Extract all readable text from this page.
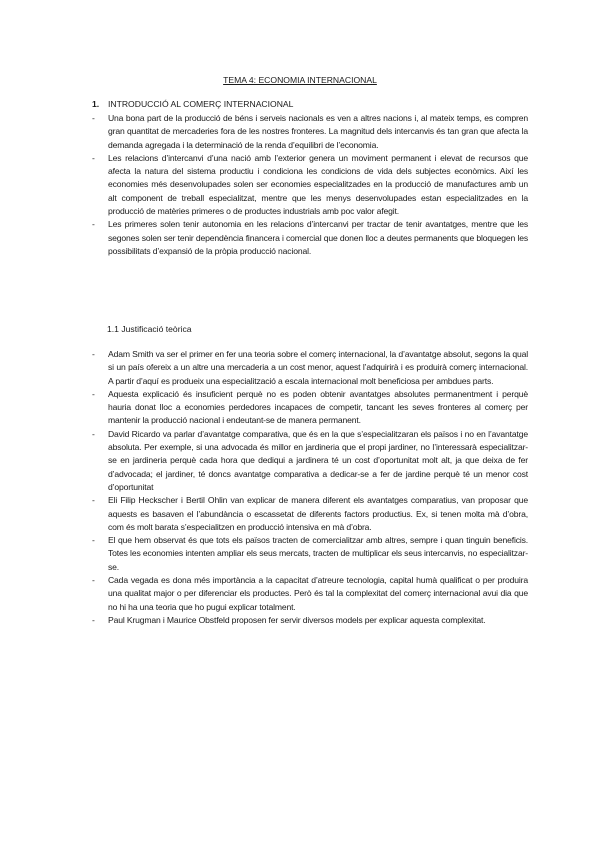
TEMA 4: ECONOMIA INTERNACIONAL
1. INTRODUCCIÓ AL COMERÇ INTERNACIONAL
- Una bona part de la producció de béns i serveis nacionals es ven a altres nacions i, al mateix temps, es compren gran quantitat de mercaderies fora de les nostres fronteres. La magnitud dels intercanvis és tan gran que afecta la demanda agregada i la determinació de la renda d’equilibri de l’economia.
- Les relacions d’intercanvi d’una nació amb l’exterior genera un moviment permanent i elevat de recursos que afecta la natura del sistema productiu i condiciona les condicions de vida dels subjectes econòmics. Així les economies més desenvolupades solen ser economies especialitzades en la producció de manufactures amb un alt component de treball especialitzat, mentre que les menys desenvolupades estan especialitzades en la producció de matèries primeres o de productes industrials amb poc valor afegit.
- Les primeres solen tenir autonomia en les relacions d’intercanvi per tractar de tenir avantatges, mentre que les segones solen ser tenir dependència financera i comercial que donen lloc a deutes permanents que bloquegen les possibilitats d’expansió de la pròpia producció nacional.
1.1 Justificació teòrica
- Adam Smith va ser el primer en fer una teoria sobre el comerç internacional, la d’avantatge absolut, segons la qual si un país ofereix a un altre una mercaderia a un cost menor, aquest l’adquirirà i es produirà comerç internacional. A partir d’aquí es produeix una especialització a escala internacional molt beneficiosa per ambdues parts.
- Aquesta explicació és insuficient perquè no es poden obtenir avantatges absolutes permanentment i perquè hauria donat lloc a economies perdedores incapaces de competir, tancant les seves fronteres al comerç per mantenir la producció nacional i endeutant-se de manera permanent.
- David Ricardo va parlar d’avantatge comparativa, que és en la que s’especialitzaran els països i no en l’avantatge absoluta. Per exemple, si una advocada és millor en jardineria que el propi jardiner, no l’interessarà especialitzar-se en jardineria perquè cada hora que dediqui a jardinera té un cost d’oportunitat molt alt, ja que deixa de fer d’advocada; el jardiner, té doncs avantatge comparativa a dedicar-se a fer de jardine perquè té un menor cost d’oportunitat
- Eli Filip Heckscher i Bertil Ohlin van explicar de manera diferent els avantatges comparatius, van proposar que aquests es basaven el l’abundància o escassetat de diferents factors productius. Ex, si tenen molta mà d’obra, com és molt barata s’especialitzen en producció intensiva en mà d’obra.
- El que hem observat és que tots els països tracten de comercialitzar amb altres, sempre i quan tinguin beneficis. Totes les economies intenten ampliar els seus mercats, tracten de multiplicar els seus intercanvis, no especialitzar-se.
- Cada vegada es dona més importància a la capacitat d’atreure tecnologia, capital humà qualificat o per produira una qualitat major o per diferenciar els productes. Però és tal la complexitat del comerç internacional avui dia que no hi ha una teoria que ho pugui explicar totalment.
- Paul Krugman i Maurice Obstfeld proposen fer servir diversos models per explicar aquesta complexitat.
